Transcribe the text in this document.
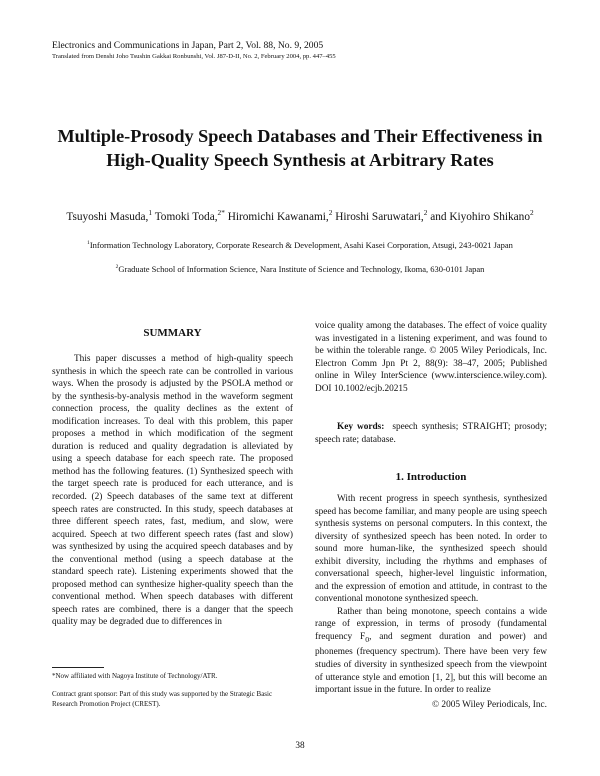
Electronics and Communications in Japan, Part 2, Vol. 88, No. 9, 2005
Translated from Denshi Joho Tsushin Gakkai Ronbunshi, Vol. J87-D-II, No. 2, February 2004, pp. 447–455
Multiple-Prosody Speech Databases and Their Effectiveness in
High-Quality Speech Synthesis at Arbitrary Rates
Tsuyoshi Masuda,$^1$ Tomoki Toda,$^{2*}$ Hiromichi Kawanami,$^2$ Hiroshi Saruwatari,$^2$ and Kiyohiro Shikano$^2$
$^1$Information Technology Laboratory, Corporate Research & Development, Asahi Kasei Corporation, Atsugi, 243-0021 Japan
$^2$Graduate School of Information Science, Nara Institute of Science and Technology, Ikoma, 630-0101 Japan
SUMMARY

This paper discusses a method of high-quality speech synthesis in which the speech rate can be controlled in various ways. When the prosody is adjusted by the PSOLA method or by the synthesis-by-analysis method in the waveform segment connection process, the quality declines as the extent of modification increases. To deal with this problem, this paper proposes a method in which modification of the segment duration is reduced and quality degradation is alleviated by using a speech database for each speech rate. The proposed method has the following features. (1) Synthesized speech with the target speech rate is produced for each utterance, and is recorded. (2) Speech databases of the same text at different speech rates are constructed. In this study, speech databases at three different speech rates, fast, medium, and slow, were acquired. Speech at two different speech rates (fast and slow) was synthesized by using the acquired speech databases and by the conventional method (using a speech database at the standard speech rate). Listening experiments showed that the proposed method can synthesize higher-quality speech than the conventional method. When speech databases with different speech rates are combined, there is a danger that the speech quality may be degraded due to differences in

voice quality among the databases. The effect of voice quality was investigated in a listening experiment, and was found to be within the tolerable range. © 2005 Wiley Periodicals, Inc. Electron Comm Jpn Pt 2, 88(9): 38–47, 2005; Published online in Wiley InterScience (www.interscience.wiley.com). DOI 10.1002/ecjb.20215

Key words: speech synthesis; STRAIGHT; prosody; speech rate; database.

1. Introduction

With recent progress in speech synthesis, synthesized speed has become familiar, and many people are using speech synthesis systems on personal computers. In this context, the diversity of synthesized speech has been noted. In order to sound more human-like, the synthesized speech should exhibit diversity, including the rhythms and emphases of conversational speech, higher-level linguistic information, and the expression of emotion and attitude, in contrast to the conventional monotone synthesized speech.

Rather than being monotone, speech contains a wide range of expression, in terms of prosody (fundamental frequency $F_0$, and segment duration and power) and phonemes (frequency spectrum). There have been very few studies of diversity in synthesized speech from the viewpoint of utterance style and emotion [1, 2], but this will become an important issue in the future. In order to realize

*Now affiliated with Nagoya Institute of Technology/ATR.
Contract grant sponsor: Part of this study was supported by the Strategic Basic Research Promotion Project (CREST).	© 2005 Wiley Periodicals, Inc.
38
